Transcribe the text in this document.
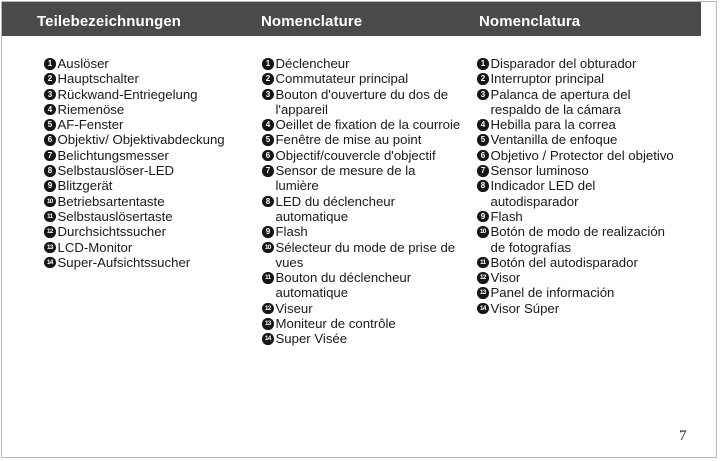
Teilebezeichnungen	Nomenclature	Nomenclatura
1 Auslöser
2 Hauptschalter
3 Rückwand-Entriegelung
4 Riemenöse
5 AF-Fenster
6 Objektiv/ Objektivabdeckung
7 Belichtungsmesser
8 Selbstauslöser-LED
9 Blitzgerät
10 Betriebsartentaste
11 Selbstauslösertaste
12 Durchsichtssucher
13 LCD-Monitor
14 Super-Aufsichtssucher
1 Déclencheur
2 Commutateur principal
3 Bouton d'ouverture du dos de l'appareil
4 Oeillet de fixation de la courroie
5 Fenêtre de mise au point
6 Objectif/couvercle d'objectif
7 Sensor de mesure de la lumière
8 LED du déclencheur automatique
9 Flash
10 Sélecteur du mode de prise de vues
11 Bouton du déclencheur automatique
12 Viseur
13 Moniteur de contrôle
14 Super Visée
1 Disparador del obturador
2 Interruptor principal
3 Palanca de apertura del respaldo de la cámara
4 Hebilla para la correa
5 Ventanilla de enfoque
6 Objetivo / Protector del objetivo
7 Sensor luminoso
8 Indicador LED del autodisparador
9 Flash
10 Botón de modo de realización de fotografías
11 Botón del autodisparador
12 Visor
13 Panel de información
14 Visor Súper
7
